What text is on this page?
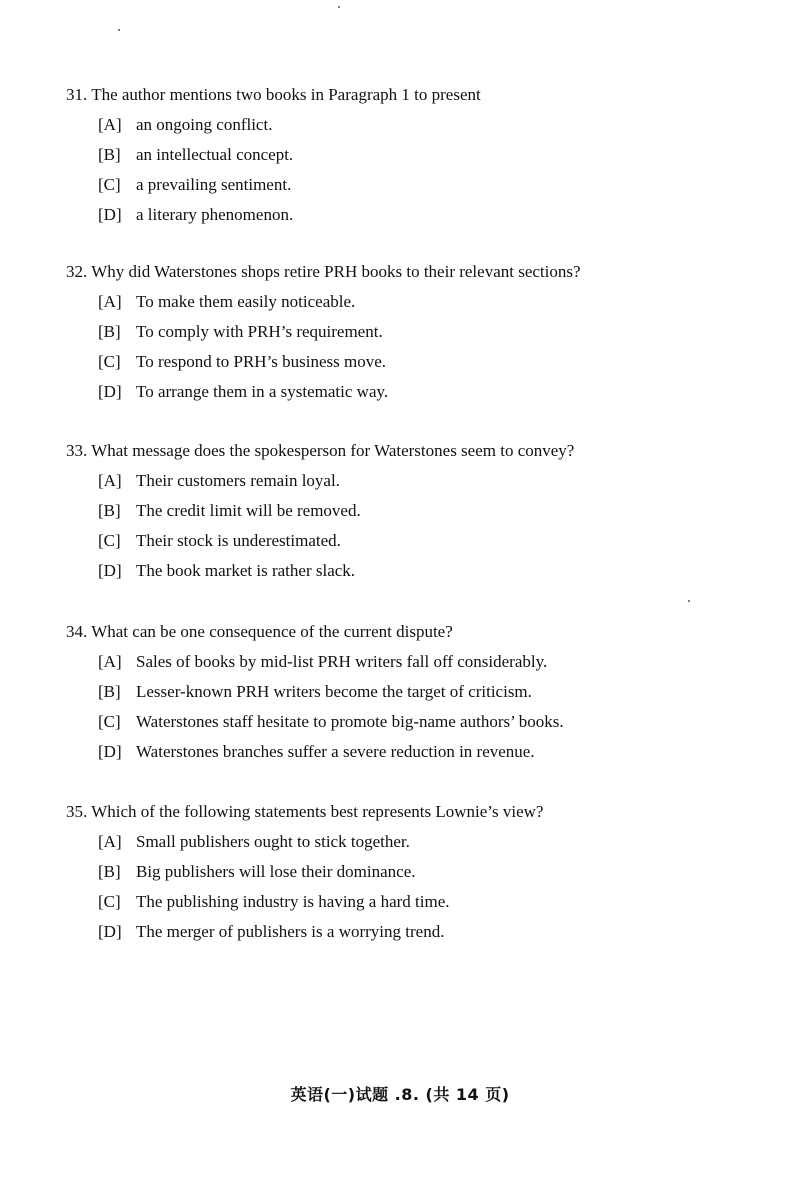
31. The author mentions two books in Paragraph 1 to present
[A] an ongoing conflict.
[B] an intellectual concept.
[C] a prevailing sentiment.
[D] a literary phenomenon.
32. Why did Waterstones shops retire PRH books to their relevant sections?
[A] To make them easily noticeable.
[B] To comply with PRH’s requirement.
[C] To respond to PRH’s business move.
[D] To arrange them in a systematic way.
33. What message does the spokesperson for Waterstones seem to convey?
[A] Their customers remain loyal.
[B] The credit limit will be removed.
[C] Their stock is underestimated.
[D] The book market is rather slack.
34. What can be one consequence of the current dispute?
[A] Sales of books by mid-list PRH writers fall off considerably.
[B] Lesser-known PRH writers become the target of criticism.
[C] Waterstones staff hesitate to promote big-name authors’ books.
[D] Waterstones branches suffer a severe reduction in revenue.
35. Which of the following statements best represents Lownie’s view?
[A] Small publishers ought to stick together.
[B] Big publishers will lose their dominance.
[C] The publishing industry is having a hard time.
[D] The merger of publishers is a worrying trend.
英语(一)试题 .8. (共 14 页)
